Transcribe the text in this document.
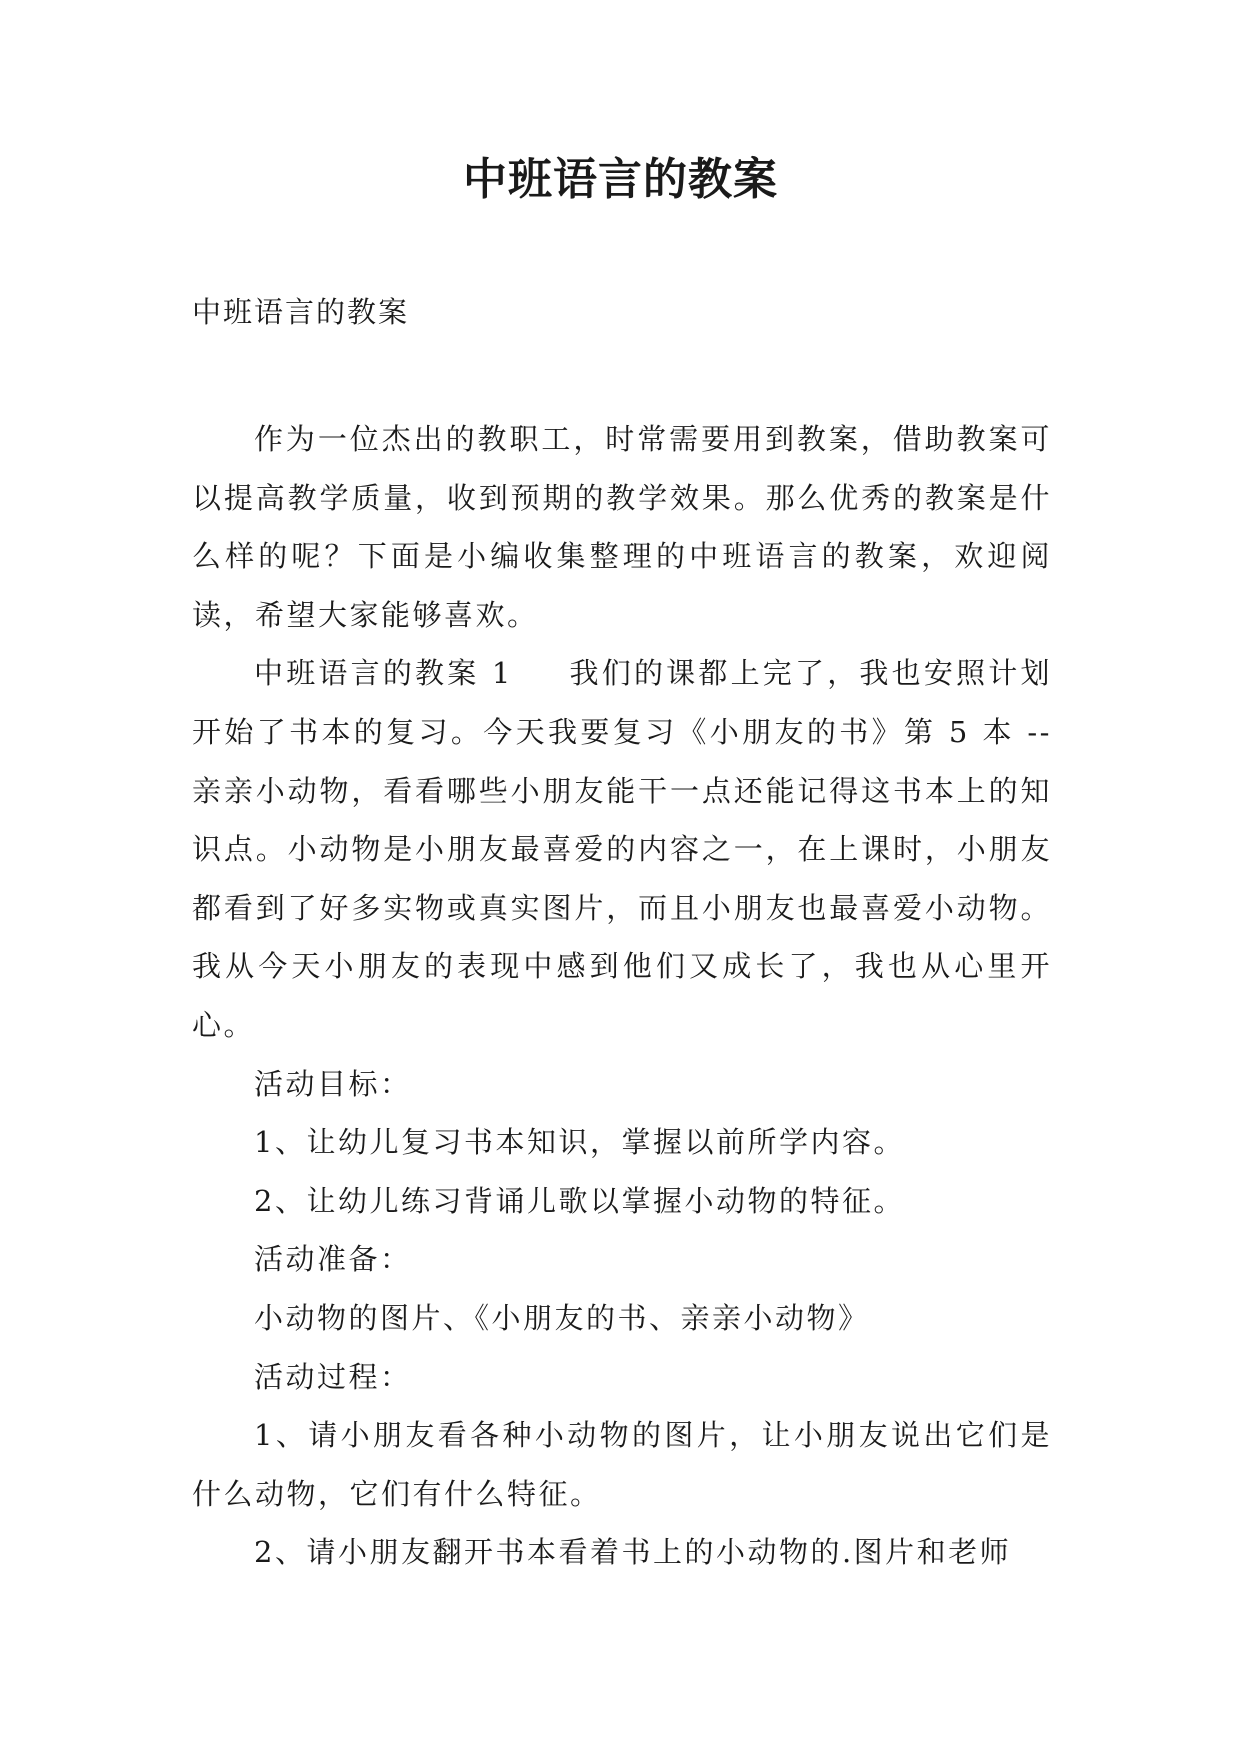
中班语言的教案
中班语言的教案

作为一位杰出的教职工，时常需要用到教案，借助教案可以提高教学质量，收到预期的教学效果。那么优秀的教案是什么样的呢？下面是小编收集整理的中班语言的教案，欢迎阅读，希望大家能够喜欢。

中班语言的教案 1 我们的课都上完了，我也安照计划开始了书本的复习。今天我要复习《小朋友的书》第 5 本 --亲亲小动物，看看哪些小朋友能干一点还能记得这书本上的知识点。小动物是小朋友最喜爱的内容之一，在上课时，小朋友都看到了好多实物或真实图片，而且小朋友也最喜爱小动物。我从今天小朋友的表现中感到他们又成长了，我也从心里开心。

活动目标：

1、让幼儿复习书本知识，掌握以前所学内容。

2、让幼儿练习背诵儿歌以掌握小动物的特征。

活动准备：

小动物的图片、《小朋友的书、亲亲小动物》

活动过程：

1、请小朋友看各种小动物的图片，让小朋友说出它们是什么动物，它们有什么特征。

2、请小朋友翻开书本看着书上的小动物的.图片和老师
